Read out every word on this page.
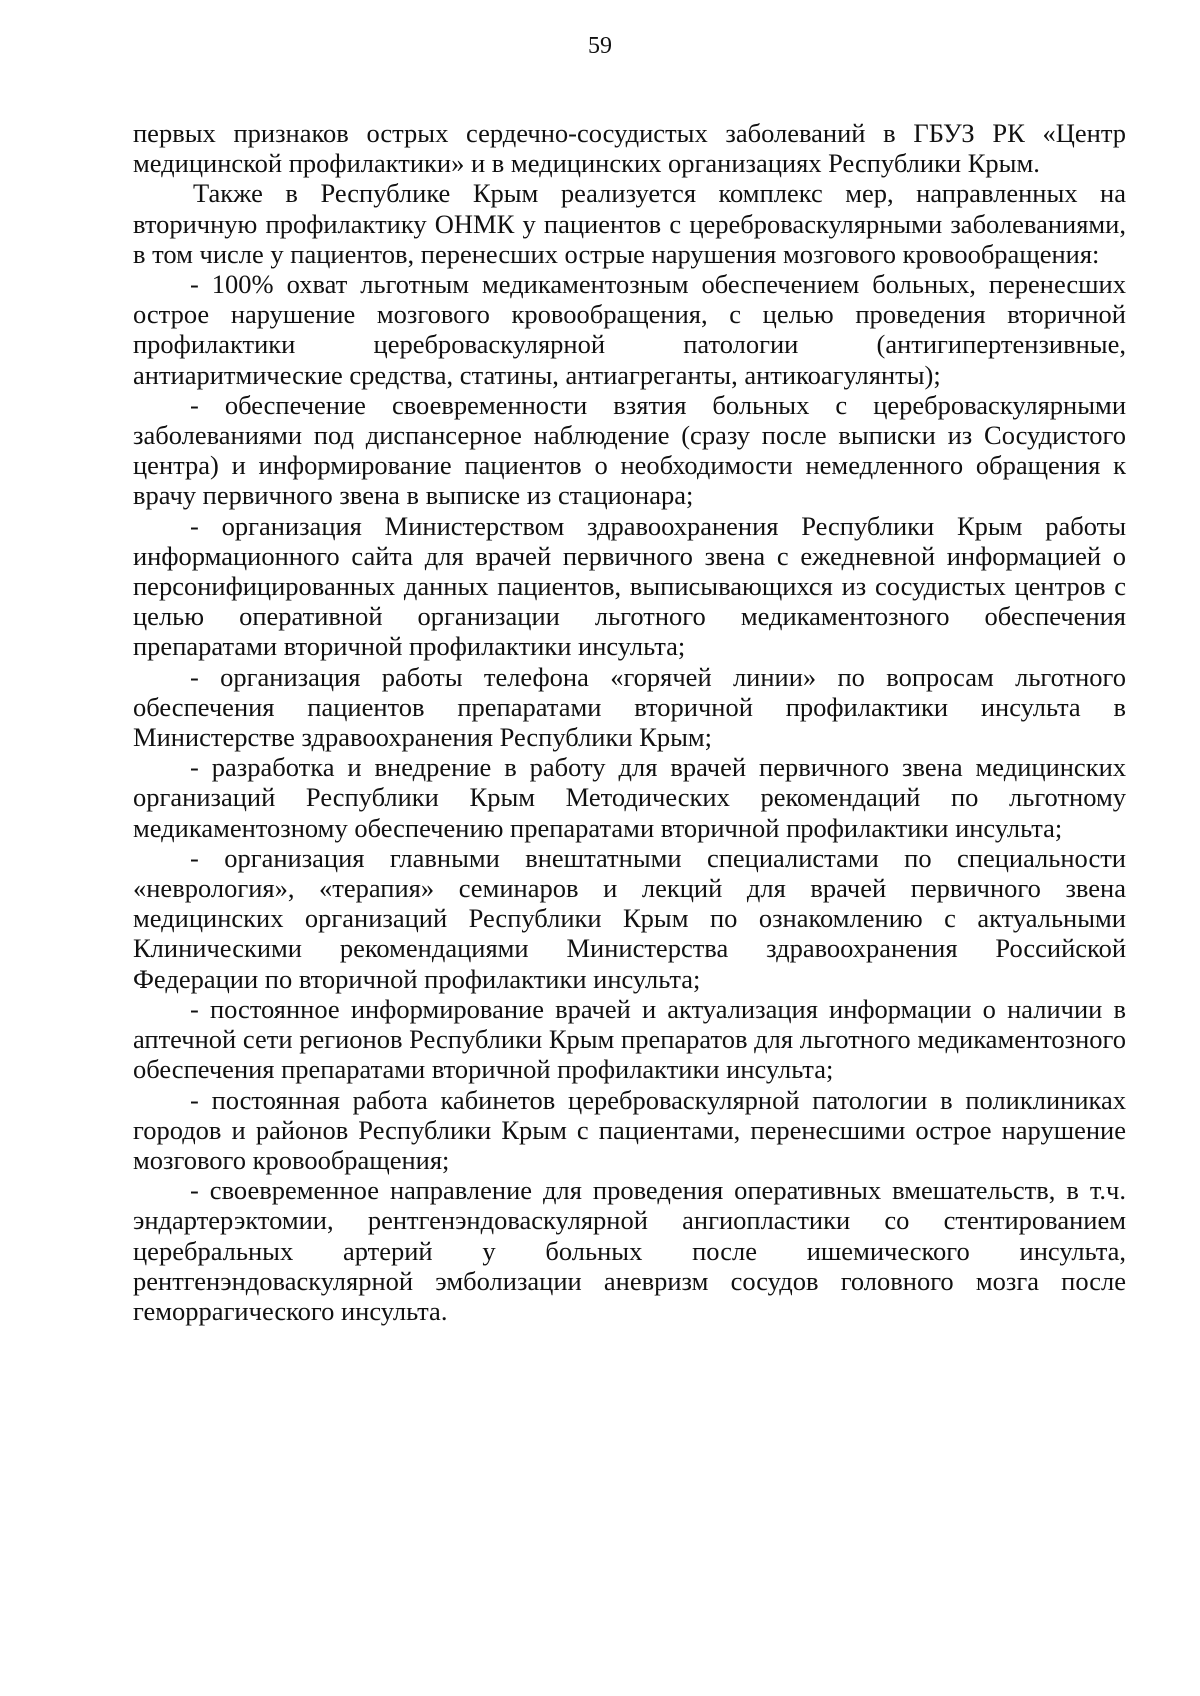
59

первых признаков острых сердечно-сосудистых заболеваний в ГБУЗ РК «Центр медицинской профилактики» и в медицинских организациях Республики Крым.

Также в Республике Крым реализуется комплекс мер, направленных на вторичную профилактику ОНМК у пациентов с цереброваскулярными заболеваниями, в том числе у пациентов, перенесших острые нарушения мозгового кровообращения:

- 100% охват льготным медикаментозным обеспечением больных, перенесших острое нарушение мозгового кровообращения, с целью проведения вторичной профилактики цереброваскулярной патологии (антигипертензивные, антиаритмические средства, статины, антиагреганты, антикоагулянты);

- обеспечение своевременности взятия больных с цереброваскулярными заболеваниями под диспансерное наблюдение (сразу после выписки из Сосудистого центра) и информирование пациентов о необходимости немедленного обращения к врачу первичного звена в выписке из стационара;

- организация Министерством здравоохранения Республики Крым работы информационного сайта для врачей первичного звена с ежедневной информацией о персонифицированных данных пациентов, выписывающихся из сосудистых центров с целью оперативной организации льготного медикаментозного обеспечения препаратами вторичной профилактики инсульта;

- организация работы телефона «горячей линии» по вопросам льготного обеспечения пациентов препаратами вторичной профилактики инсульта в Министерстве здравоохранения Республики Крым;

- разработка и внедрение в работу для врачей первичного звена медицинских организаций Республики Крым Методических рекомендаций по льготному медикаментозному обеспечению препаратами вторичной профилактики инсульта;

- организация главными внештатными специалистами по специальности «неврология», «терапия» семинаров и лекций для врачей первичного звена медицинских организаций Республики Крым по ознакомлению с актуальными Клиническими рекомендациями Министерства здравоохранения Российской Федерации по вторичной профилактики инсульта;

- постоянное информирование врачей и актуализация информации о наличии в аптечной сети регионов Республики Крым препаратов для льготного медикаментозного обеспечения препаратами вторичной профилактики инсульта;

- постоянная работа кабинетов цереброваскулярной патологии в поликлиниках городов и районов Республики Крым с пациентами, перенесшими острое нарушение мозгового кровообращения;

- своевременное направление для проведения оперативных вмешательств, в т.ч. эндартерэктомии, рентгенэндоваскулярной ангиопластики со стентированием церебральных артерий у больных после ишемического инсульта, рентгенэндоваскулярной эмболизации аневризм сосудов головного мозга после геморрагического инсульта.
